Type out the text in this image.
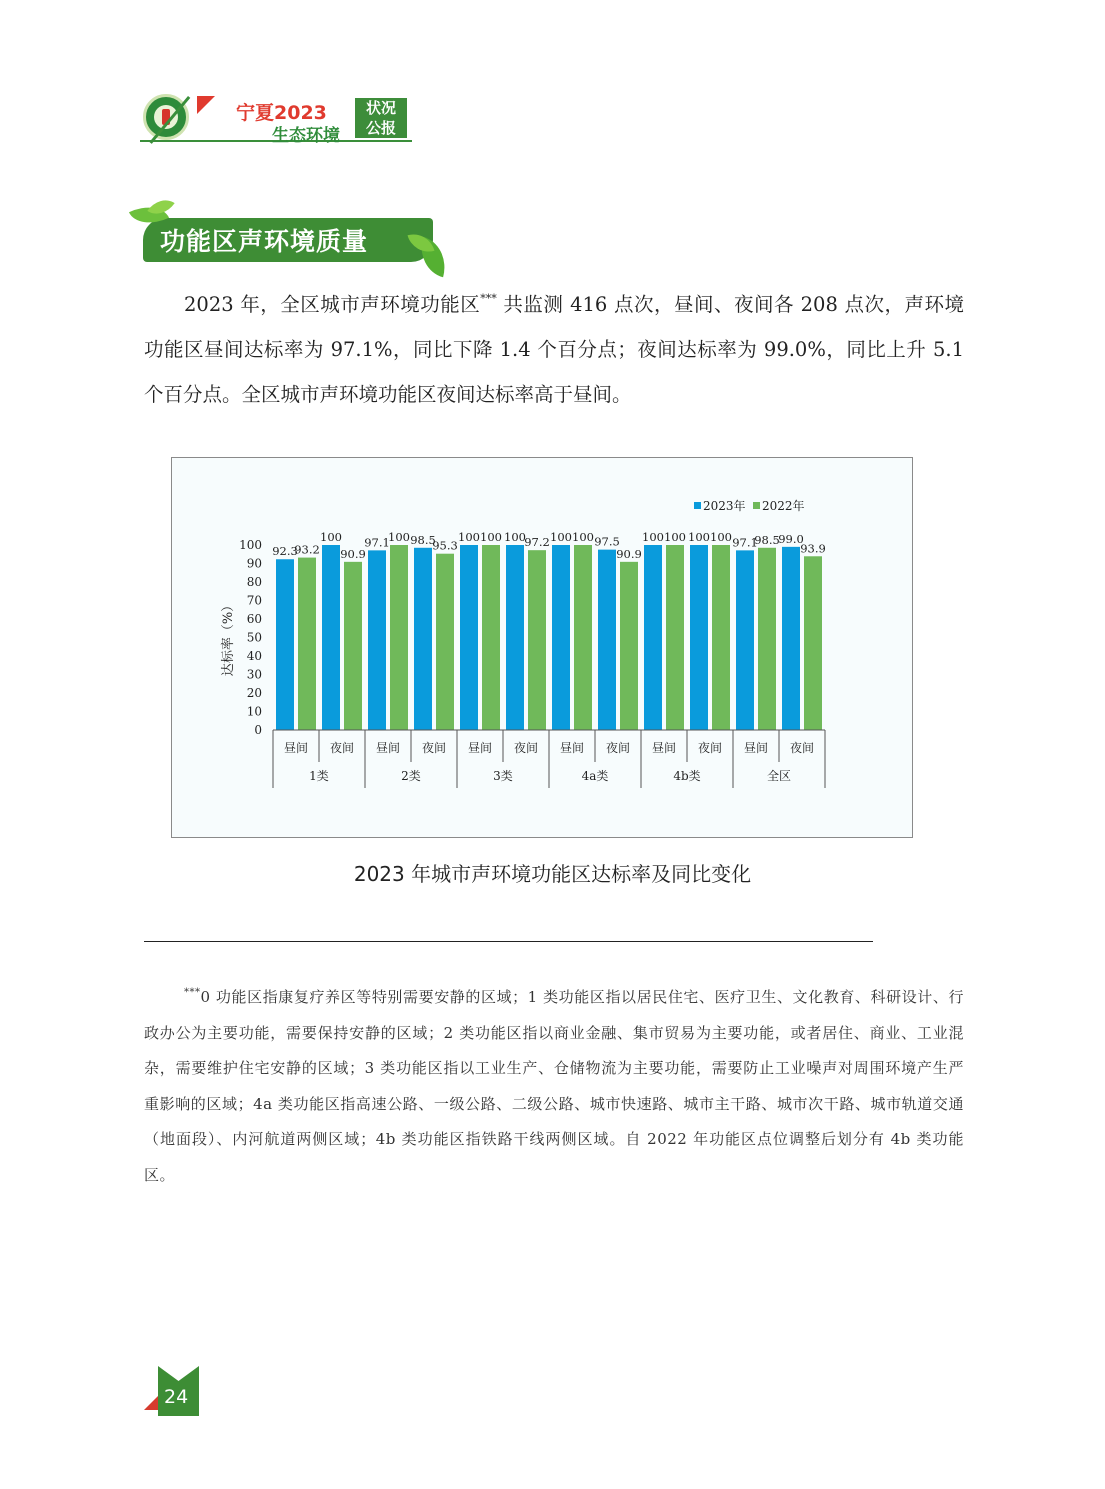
宁夏2023
生态环境
状况
公报
功能区声环境质量

2023 年，全区城市声环境功能区*** 共监测 416 点次，昼间、夜间各 208 点次，声环境功能区昼间达标率为 97.1%，同比下降 1.4 个百分点；夜间达标率为 99.0%，同比上升 5.1 个百分点。全区城市声环境功能区夜间达标率高于昼间。

0
10
20
30
40
50
60
70
80
90
100
达标率（%）
92.3
100 97.1 98.5 100 100 100 97.5 100 100 97.1 99.0
93.2 90.9
100
95.3
100 97.2 100
90.9
100 100 98.5
93.9
昼间 夜间 昼间 夜间 昼间 夜间 昼间 夜间 昼间 夜间 昼间 夜间
1类	2类	3类	4a类	4b类	全区
2023年 2022年
2023 年城市声环境功能区达标率及同比变化

***0 功能区指康复疗养区等特别需要安静的区域；1 类功能区指以居民住宅、医疗卫生、文化教育、科研设计、行政办公为主要功能，需要保持安静的区域；2 类功能区指以商业金融、集市贸易为主要功能，或者居住、商业、工业混杂，需要维护住宅安静的区域；3 类功能区指以工业生产、仓储物流为主要功能，需要防止工业噪声对周围环境产生严重影响的区域；4a 类功能区指高速公路、一级公路、二级公路、城市快速路、城市主干路、城市次干路、城市轨道交通（地面段）、内河航道两侧区域；4b 类功能区指铁路干线两侧区域。自 2022 年功能区点位调整后划分有 4b 类功能区。

24
